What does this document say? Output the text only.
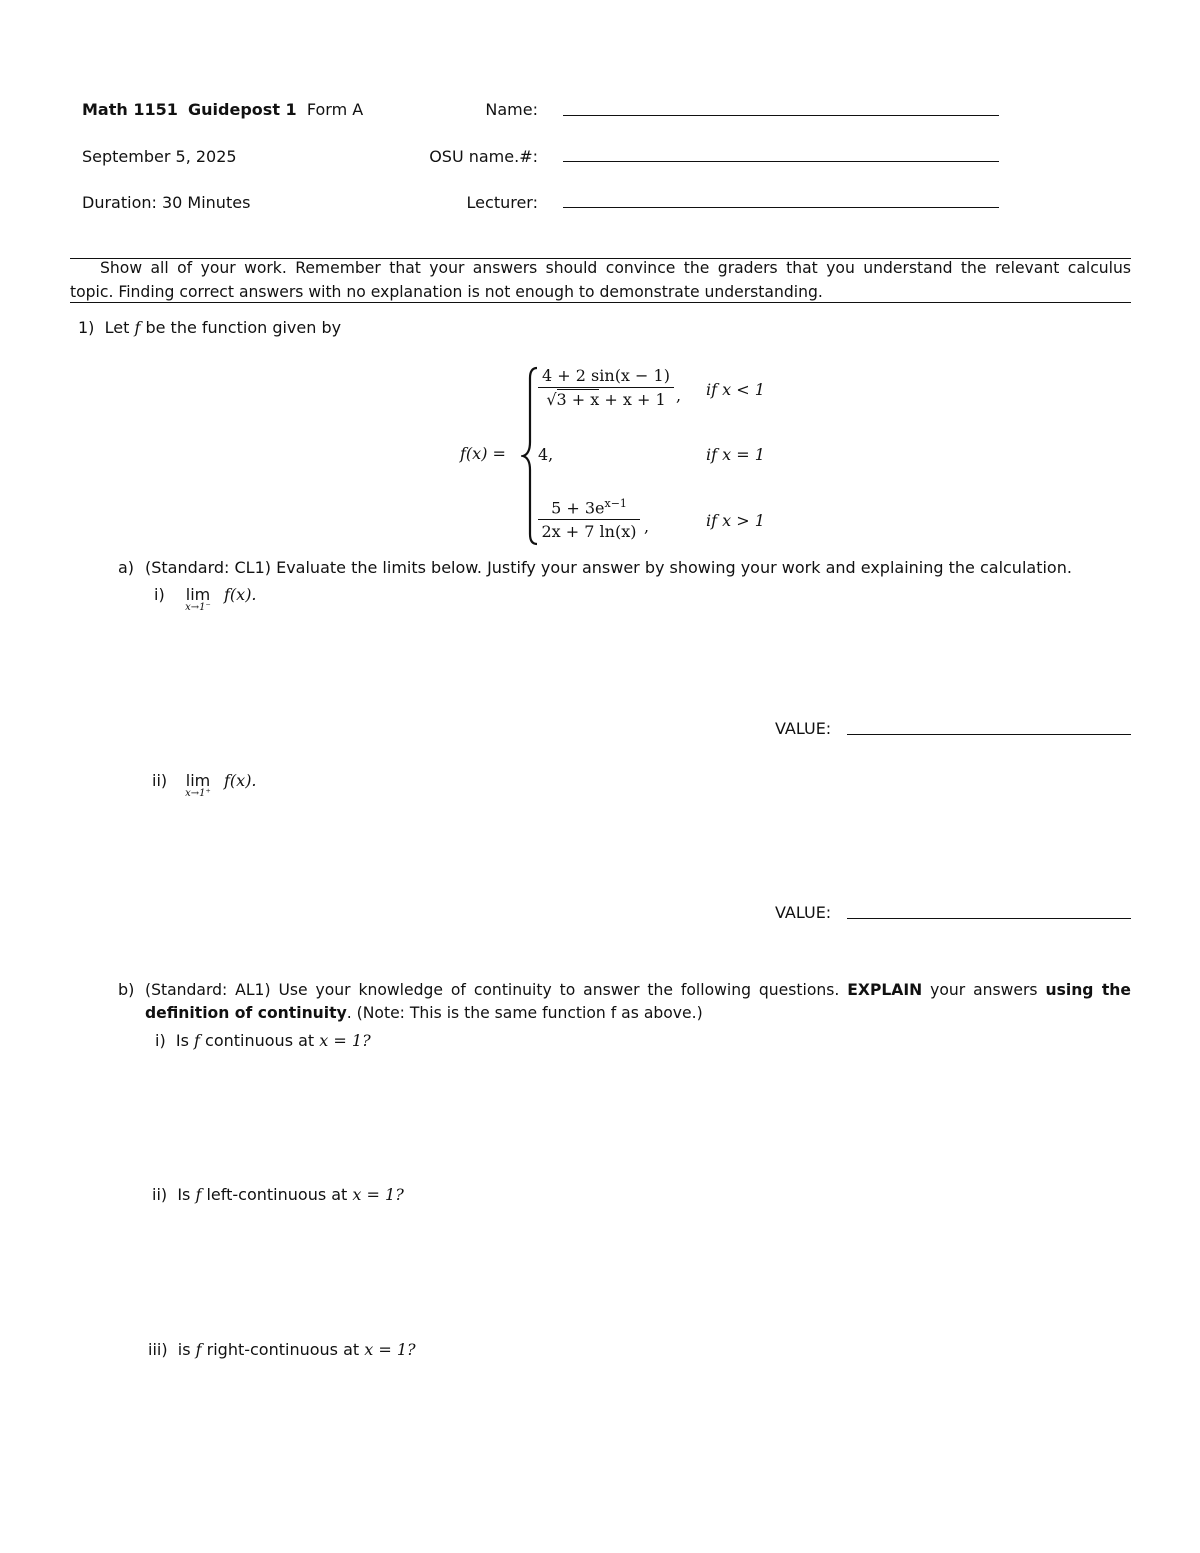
Math 1151 Guidepost 1 Form A
September 5, 2025
Duration: 30 Minutes
Name:
OSU name.#:
Lecturer:
Show all of your work. Remember that your answers should convince the graders that you understand the relevant calculus
topic. Finding correct answers with no explanation is not enough to demonstrate understanding.
1) Let f be the function given by
f(x) =
4 + 2 sin(x − 1)
√3 + x + x + 1 , if x < 1
4,	if x = 1
$5 + 3e^{x-1}$
2x + 7 ln(x) ,	if x > 1
a) (Standard: CL1) Evaluate the limits below. Justify your answer by showing your work and explaining the calculation.
i)	lim
x→1⁻
f(x).
VALUE:
ii)	lim
x→1⁺
f(x).
VALUE:
b) (Standard: AL1) Use your knowledge of continuity to answer the following questions. EXPLAIN your answers using the
definition of continuity. (Note: This is the same function f as above.)
i) Is f continuous at x = 1?
ii) Is f left-continuous at x = 1?
iii) is f right-continuous at x = 1?
